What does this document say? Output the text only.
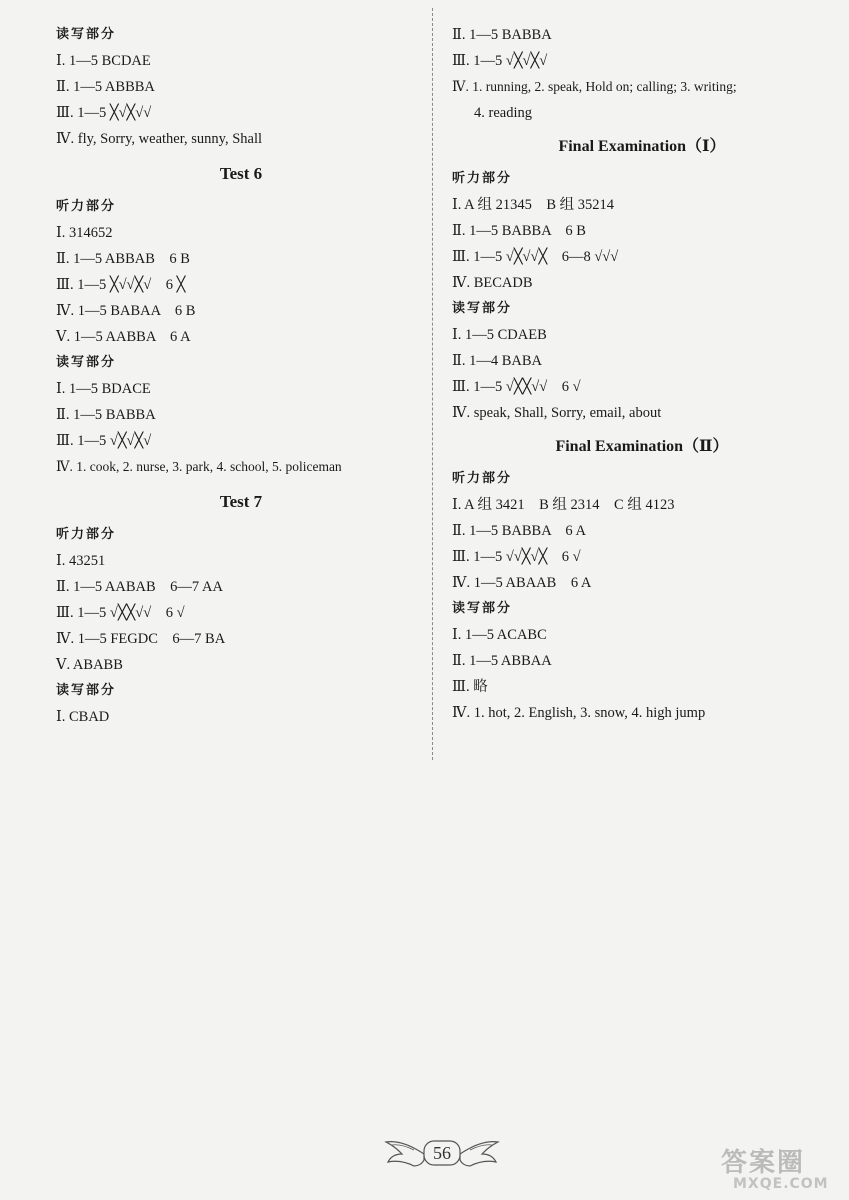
读写部分
Ⅰ. 1—5 BCDAE
Ⅱ. 1—5 ABBBA
Ⅲ. 1—5 ╳√╳√√
Ⅳ. fly, Sorry, weather, sunny, Shall
Test 6
听力部分
Ⅰ. 314652
Ⅱ. 1—5 ABBAB　6 B
Ⅲ. 1—5 ╳√√╳√　6 ╳
Ⅳ. 1—5 BABAA　6 B
Ⅴ. 1—5 AABBA　6 A
读写部分
Ⅰ. 1—5 BDACE
Ⅱ. 1—5 BABBA
Ⅲ. 1—5 √╳√╳√
Ⅳ. 1. cook, 2. nurse, 3. park, 4. school, 5. policeman
Test 7
听力部分
Ⅰ. 43251
Ⅱ. 1—5 AABAB　6—7 AA
Ⅲ. 1—5 √╳╳√√　6 √
Ⅳ. 1—5 FEGDC　6—7 BA
Ⅴ. ABABB
读写部分
Ⅰ. CBAD
Ⅱ. 1—5 BABBA
Ⅲ. 1—5 √╳√╳√
Ⅳ. 1. running, 2. speak, Hold on; calling; 3. writing;
4. reading
Final Examination（Ⅰ）
听力部分
Ⅰ. A 组 21345　B 组 35214
Ⅱ. 1—5 BABBA　6 B
Ⅲ. 1—5 √╳√√╳　6—8 √√√
Ⅳ. BECADB
读写部分
Ⅰ. 1—5 CDAEB
Ⅱ. 1—4 BABA
Ⅲ. 1—5 √╳╳√√　6 √
Ⅳ. speak, Shall, Sorry, email, about
Final Examination（Ⅱ）
听力部分
Ⅰ. A 组 3421　B 组 2314　C 组 4123
Ⅱ. 1—5 BABBA　6 A
Ⅲ. 1—5 √√╳√╳　6 √
Ⅳ. 1—5 ABAAB　6 A
读写部分
Ⅰ. 1—5 ACABC
Ⅱ. 1—5 ABBAA
Ⅲ. 略
Ⅳ. 1. hot, 2. English, 3. snow, 4. high jump
56	答案圈
MXQE.COM
